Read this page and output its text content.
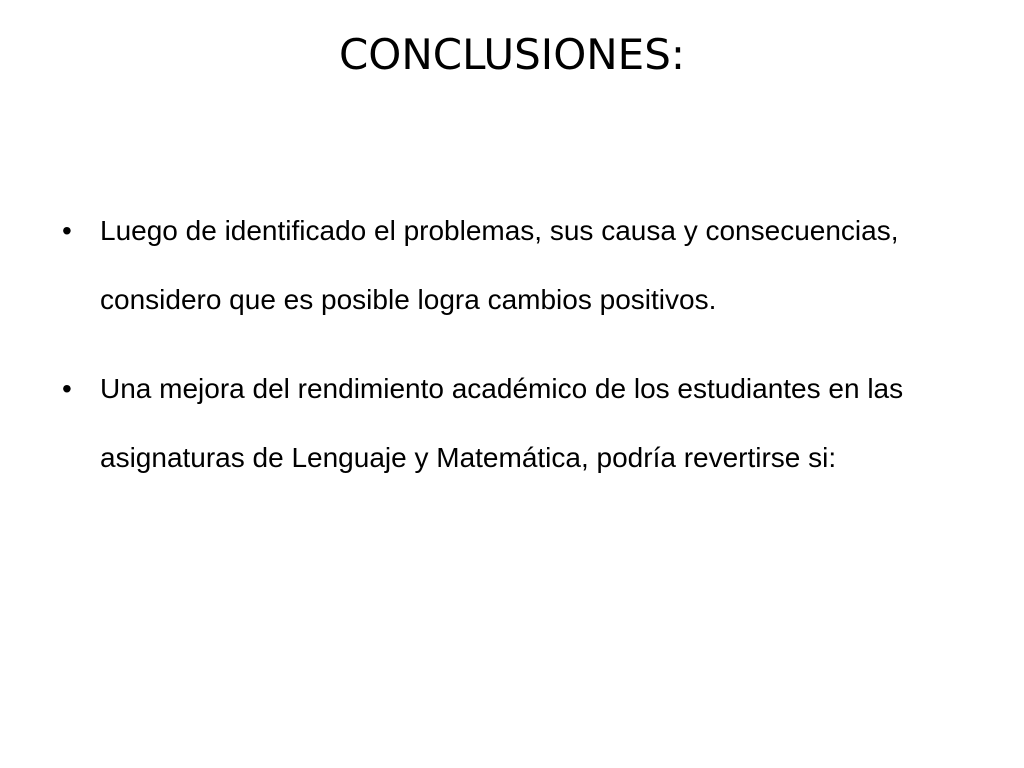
CONCLUSIONES:
• Luego de identificado el problemas, sus causa y consecuencias, considero que es posible logra cambios positivos.
• Una mejora del rendimiento académico de los estudiantes en las asignaturas de Lenguaje y Matemática, podría revertirse si:
